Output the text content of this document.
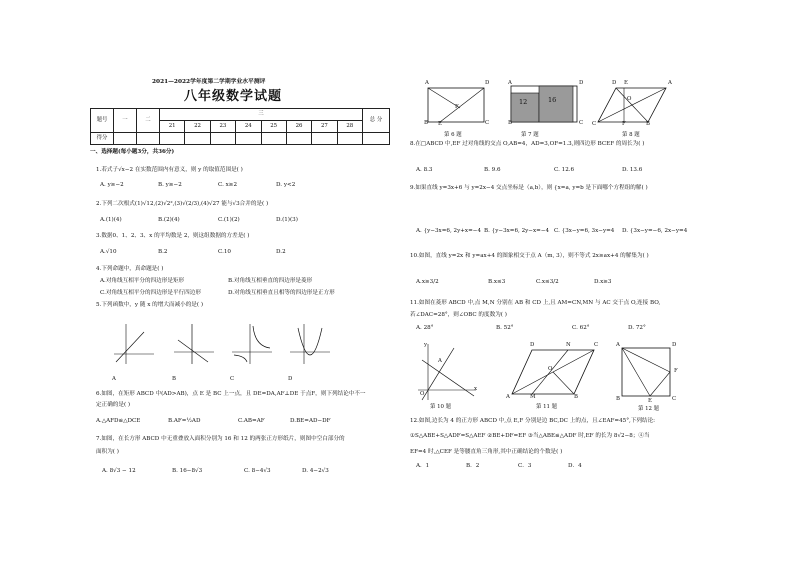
2021—2022学年度第二学期学业水平测评
八年级数学试题
题号	一	二	三								总 分
			21	22	23	24	25	26	27	28	
得分											
一、选择题(每小题3分，共36分)
1.若式子√x−2 在实数范围内有意义，则 y 的取值范围是( )
A. y≥−2	B. y≥−2	C. x≥2	D. y<2
2.下列二次根式(1)√12,(2)√2²,(3)√(2/3),(4)√27 能与√3合并的是( )
A.(1)(4)	B.(2)(4)	C.(1)(2)	D.(1)(3)
3.数据0、1、2、3、x 的平均数是 2，则这组数据的方差是( )
A.√10	B.2	C.10	D.2
4.下列命题中，真命题是( )
A.对角线互相平分的四边形是矩形	B.对角线互相垂直的四边形是菱形
C.对角线互相平分的四边形是平行四边形	D.对角线互相垂直且相等的四边形是正方形
5.下列函数中，y 随 x 的增大而减小的是( )
A	B	C	D
6.如图，在矩形 ABCD 中(AD>AB)，点 E 是 BC 上一点，且 DE=DA,AF⊥DE 于点F，则下列结论中不一
定正确的是( )
A.△AFD≌△DCE	B.AF=½AD	C.AB=AF	D.BE=AD−DF
7.如图，在长方形 ABCD 中无重叠放入面积分别为 16 和 12 的两张正方形纸片，则图中空白部分的
面积为( )
A. 8√3 − 12	B. 16−8√3	C. 8−4√3	D. 4−2√3
A	D
F
B E	C
第 6 题
A	D
B	C
12	16
第 7 题
D E	A
O
C	B
F
第 8 题
8.在□ABCD 中,EF 过对角线的交点 O,AB=4，AD=3,OF=1.3,则四边形 BCEF 的周长为( )
A. 8.3	B. 9.6	C. 12.6	D. 13.6
9.如果直线 y=3x+6 与 y=2x−4 交点坐标是（a,b），则 {x=a, y=b 是下面哪个方程组的解( )
A. {y−3x=6, 2y+x=−4 B. {y−3x=6, 2y−x=−4 C. {3x−y=6, 3x−y=4 D. {3x−y=−6, 2x−y=4
10.如图，直线 y=2x 和 y=ax+4 的图象相交于点 A（m, 3），则不等式 2x≥ax+4 的解集为( )
A.x≥3/2	B.x≤3	C.x≤3/2	D.x≥3
11.如图在菱形 ABCD 中,点 M,N 分别在 AB 和 CD 上,且 AM=CN,MN 与 AC 交于点 O,连接 BO,
若∠DAC=28°，则∠OBC 的度数为( )
A. 28°	B. 52°	C. 62°	D. 72°
12.如图,边长为 4 的正方形 ABCD 中,点 E,F 分别是边 BC,DC 上的点，且∠EAF=45°,下列结论:
①S△ABE+S△ADF=S△AEF ②BE+DF=EF ③当△ABE≌△ADF 时,EF 的长为 8√2−8；④当
EF=4 时,△CEF 是等腰直角三角形,其中正确结论的个数是( )
A．1	B．2	C．3	D．4
y
A
O
x
第 10 题
D	N	C
A
O
M	B
第 11 题
A	D
F
B	E	C
第 12 题
